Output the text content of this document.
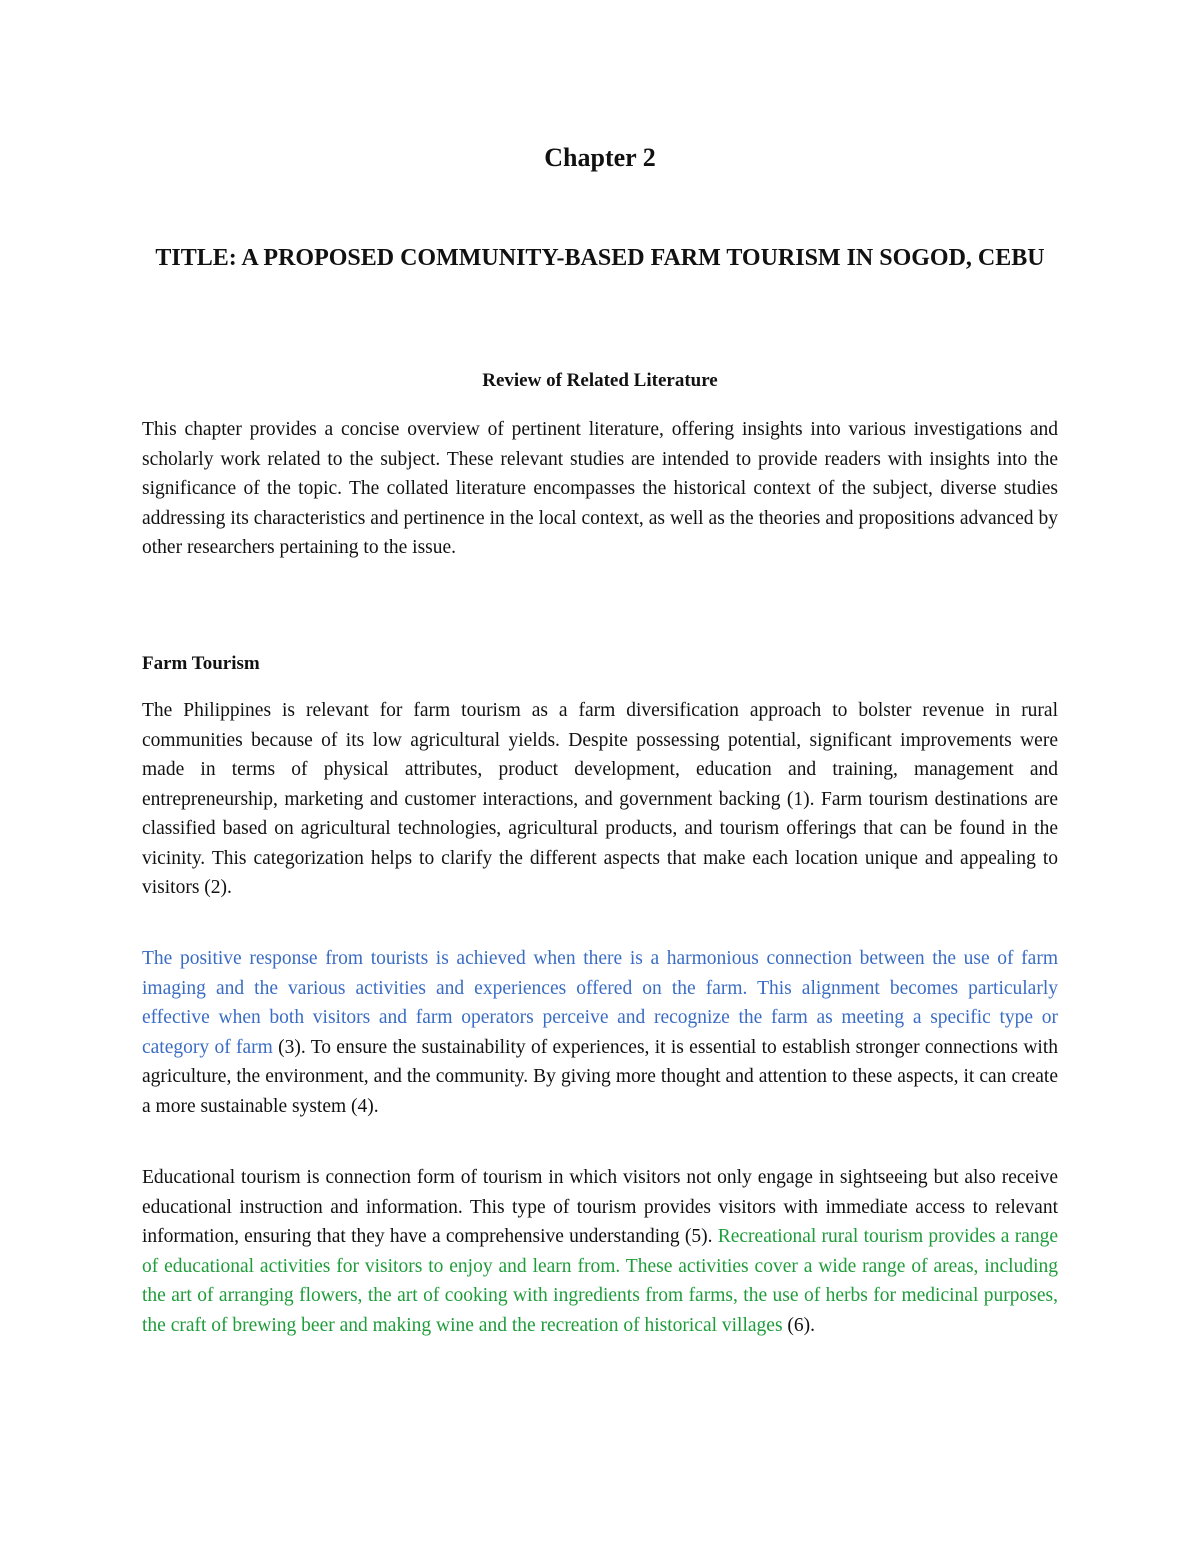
Chapter 2
TITLE: A PROPOSED COMMUNITY-BASED FARM TOURISM IN SOGOD, CEBU
Review of Related Literature

This chapter provides a concise overview of pertinent literature, offering insights into various investigations and scholarly work related to the subject. These relevant studies are intended to provide readers with insights into the significance of the topic. The collated literature encompasses the historical context of the subject, diverse studies addressing its characteristics and pertinence in the local context, as well as the theories and propositions advanced by other researchers pertaining to the issue.

Farm Tourism

The Philippines is relevant for farm tourism as a farm diversification approach to bolster revenue in rural communities because of its low agricultural yields. Despite possessing potential, significant improvements were made in terms of physical attributes, product development, education and training, management and entrepreneurship, marketing and customer interactions, and government backing (1). Farm tourism destinations are classified based on agricultural technologies, agricultural products, and tourism offerings that can be found in the vicinity. This categorization helps to clarify the different aspects that make each location unique and appealing to visitors (2).

The positive response from tourists is achieved when there is a harmonious connection between the use of farm imaging and the various activities and experiences offered on the farm. This alignment becomes particularly effective when both visitors and farm operators perceive and recognize the farm as meeting a specific type or category of farm (3). To ensure the sustainability of experiences, it is essential to establish stronger connections with agriculture, the environment, and the community. By giving more thought and attention to these aspects, it can create a more sustainable system (4).

Educational tourism is connection form of tourism in which visitors not only engage in sightseeing but also receive educational instruction and information. This type of tourism provides visitors with immediate access to relevant information, ensuring that they have a comprehensive understanding (5). Recreational rural tourism provides a range of educational activities for visitors to enjoy and learn from. These activities cover a wide range of areas, including the art of arranging flowers, the art of cooking with ingredients from farms, the use of herbs for medicinal purposes, the craft of brewing beer and making wine and the recreation of historical villages (6).
